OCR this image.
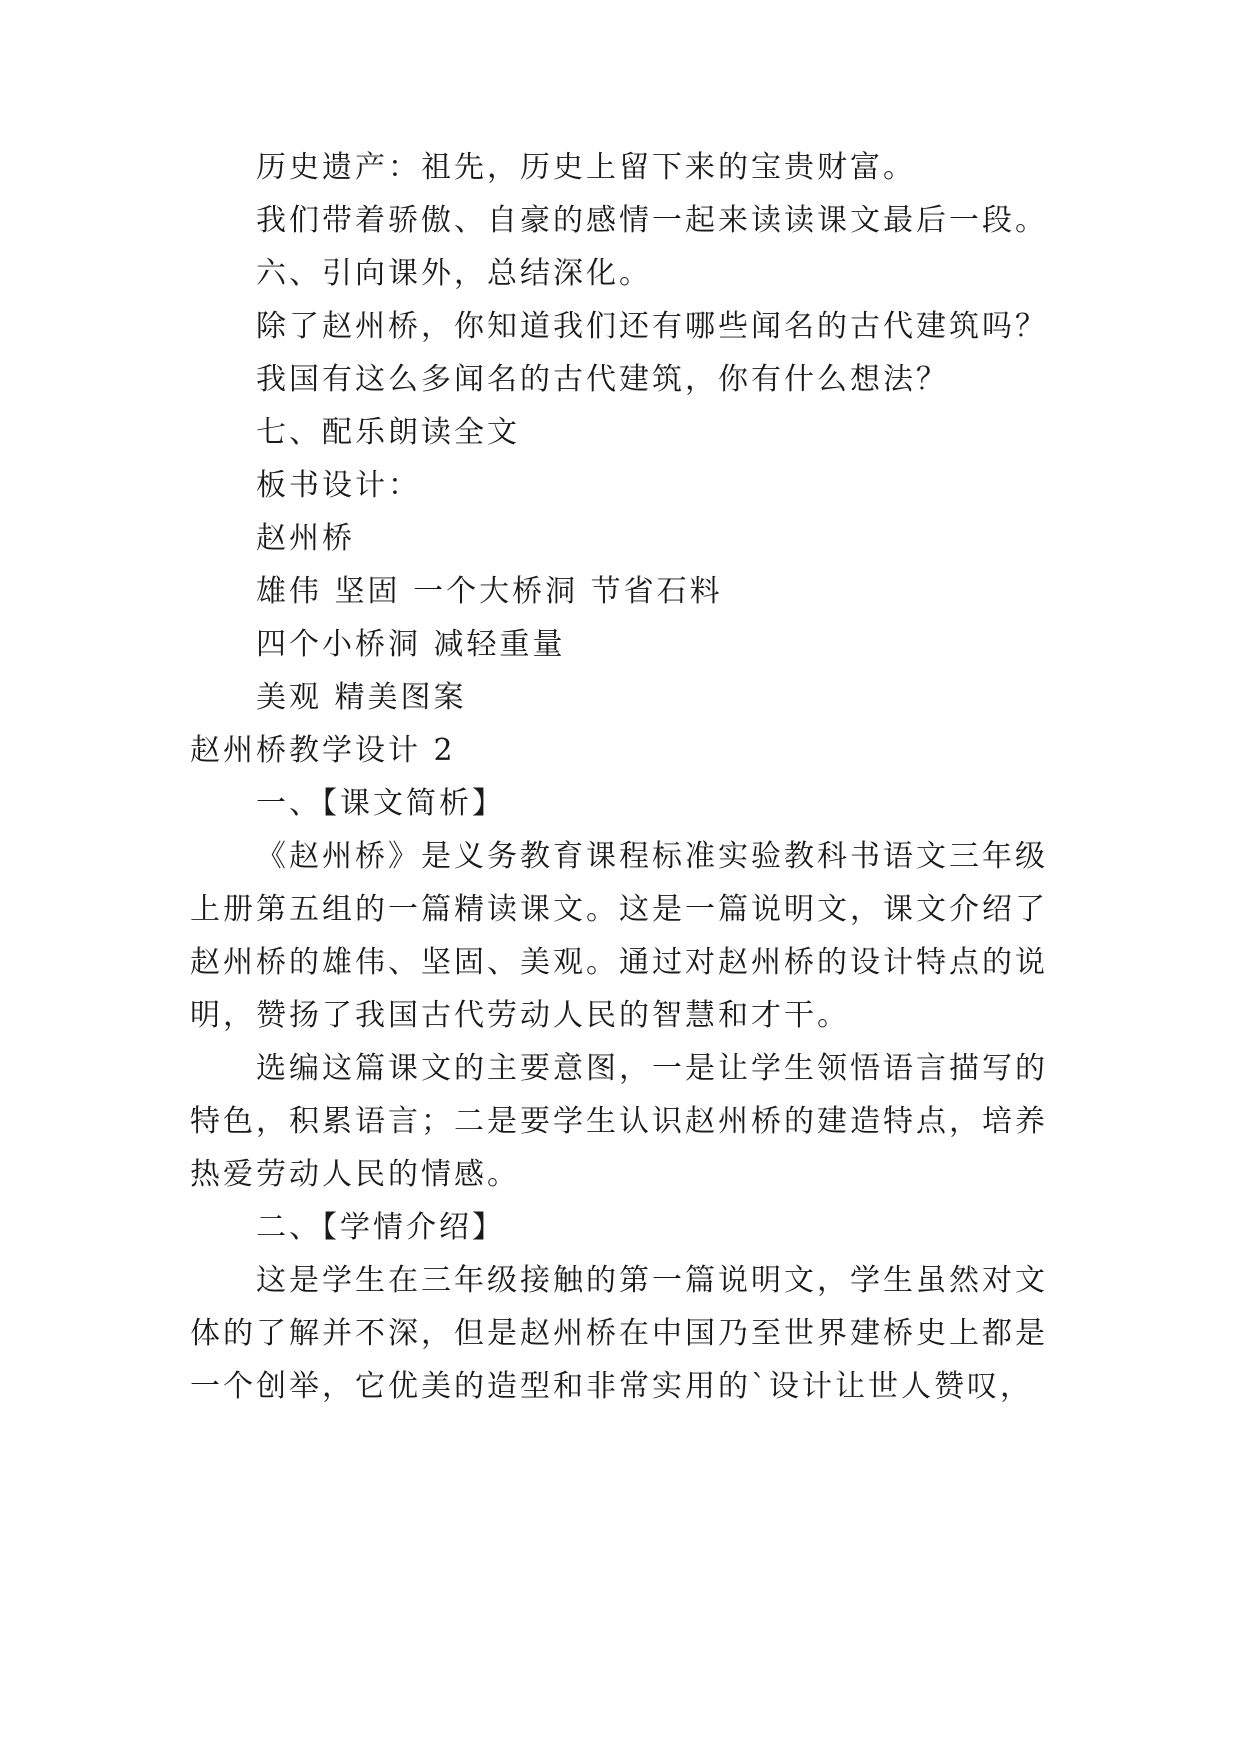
历史遗产：祖先，历史上留下来的宝贵财富。
我们带着骄傲、自豪的感情一起来读读课文最后一段。
六、引向课外，总结深化。
除了赵州桥，你知道我们还有哪些闻名的古代建筑吗？
我国有这么多闻名的古代建筑，你有什么想法？
七、配乐朗读全文
板书设计：
赵州桥
雄伟 坚固 一个大桥洞 节省石料
四个小桥洞 减轻重量
美观 精美图案
赵州桥教学设计 2
一、【课文简析】
《赵州桥》是义务教育课程标准实验教科书语文三年级
上册第五组的一篇精读课文。这是一篇说明文，课文介绍了
赵州桥的雄伟、坚固、美观。通过对赵州桥的设计特点的说
明，赞扬了我国古代劳动人民的智慧和才干。
选编这篇课文的主要意图，一是让学生领悟语言描写的
特色，积累语言；二是要学生认识赵州桥的建造特点，培养
热爱劳动人民的情感。
二、【学情介绍】
这是学生在三年级接触的第一篇说明文，学生虽然对文
体的了解并不深，但是赵州桥在中国乃至世界建桥史上都是
一个创举，它优美的造型和非常实用的`设计让世人赞叹，
